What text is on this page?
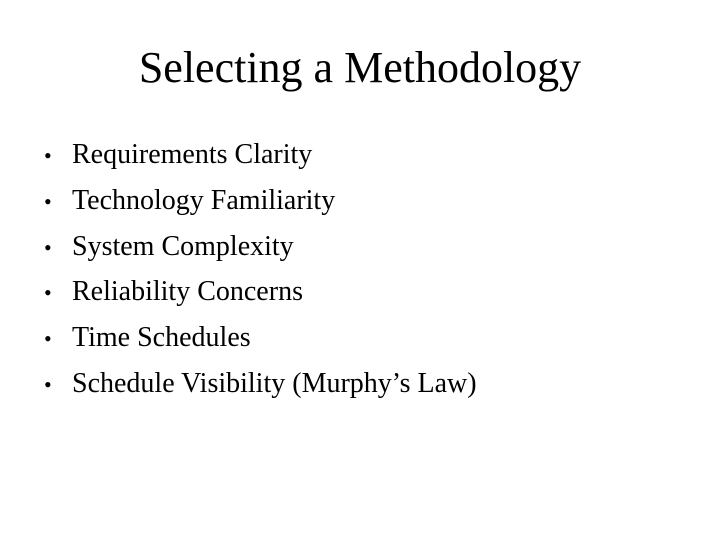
Selecting a Methodology
• Requirements Clarity
• Technology Familiarity
• System Complexity
• Reliability Concerns
• Time Schedules
• Schedule Visibility (Murphy’s Law)
